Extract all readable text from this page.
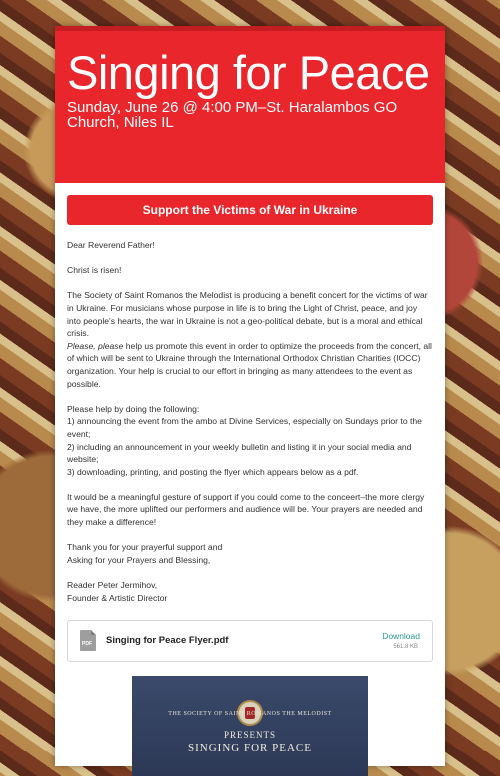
Singing for Peace

Sunday, June 26 @ 4:00 PM–St. Haralambos GO Church, Niles IL

Support the Victims of War in Ukraine

Dear Reverend Father!

Christ is risen!

The Society of Saint Romanos the Melodist is producing a benefit concert for the victims of war in Ukraine. For musicians whose purpose in life is to bring the Light of Christ, peace, and joy into people's hearts, the war in Ukraine is not a geo-political debate, but is a moral and ethical crisis.
Please, please help us promote this event in order to optimize the proceeds from the concert, all of which will be sent to Ukraine through the International Orthodox Christian Charities (IOCC) organization. Your help is crucial to our effort in bringing as many attendees to the event as possible.

Please help by doing the following:

1) announcing the event from the ambo at Divine Services, especially on Sundays prior to the event;

2) including an announcement in your weekly bulletin and listing it in your social media and website;

3) downloading, printing, and posting the flyer which appears below as a pdf.

It would be a meaningful gesture of support if you could come to the conceert–the more clergy we have, the more uplifted our performers and audience will be. Your prayers are needed and they make a difference!

Thank you for your prayerful support and

Asking for your Prayers and Blessing,

Reader Peter Jermihov,

Founder & Artistic Director

PDF Singing for Peace Flyer.pdf	Download
561.8 KB
THE SOCIETY OF SAINT ROMANOS THE MELODIST
PRESENTS
SINGING FOR PEACE
